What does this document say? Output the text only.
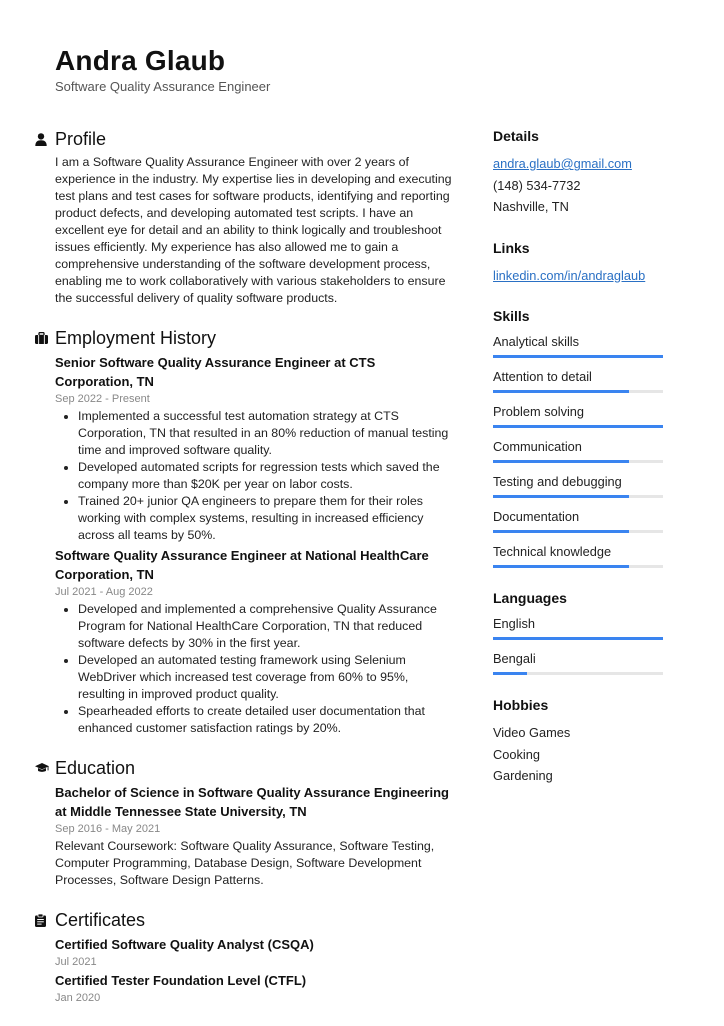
Andra Glaub
Software Quality Assurance Engineer
Profile
I am a Software Quality Assurance Engineer with over 2 years of experience in the industry. My expertise lies in developing and executing test plans and test cases for software products, identifying and reporting product defects, and developing automated test scripts. I have an excellent eye for detail and an ability to think logically and troubleshoot issues efficiently. My experience has also allowed me to gain a comprehensive understanding of the software development process, enabling me to work collaboratively with various stakeholders to ensure the successful delivery of quality software products.
Employment History
Senior Software Quality Assurance Engineer at CTS Corporation, TN
Sep 2022 - Present
• Implemented a successful test automation strategy at CTS Corporation, TN that resulted in an 80% reduction of manual testing time and improved software quality.
• Developed automated scripts for regression tests which saved the company more than $20K per year on labor costs.
• Trained 20+ junior QA engineers to prepare them for their roles working with complex systems, resulting in increased efficiency across all teams by 50%.
Software Quality Assurance Engineer at National HealthCare Corporation, TN
Jul 2021 - Aug 2022
• Developed and implemented a comprehensive Quality Assurance Program for National HealthCare Corporation, TN that reduced software defects by 30% in the first year.
• Developed an automated testing framework using Selenium WebDriver which increased test coverage from 60% to 95%, resulting in improved product quality.
• Spearheaded efforts to create detailed user documentation that enhanced customer satisfaction ratings by 20%.
Education
Bachelor of Science in Software Quality Assurance Engineering at Middle Tennessee State University, TN
Sep 2016 - May 2021
Relevant Coursework: Software Quality Assurance, Software Testing, Computer Programming, Database Design, Software Development Processes, Software Design Patterns.
Certificates
Certified Software Quality Analyst (CSQA)
Jul 2021
Certified Tester Foundation Level (CTFL)
Jan 2020
Details
andra.glaub@gmail.com
(148) 534-7732
Nashville, TN
Links
linkedin.com/in/andraglaub
Skills
Analytical skills
Attention to detail
Problem solving
Communication
Testing and debugging
Documentation
Technical knowledge
Languages
English
Bengali
Hobbies
Video Games
Cooking
Gardening
